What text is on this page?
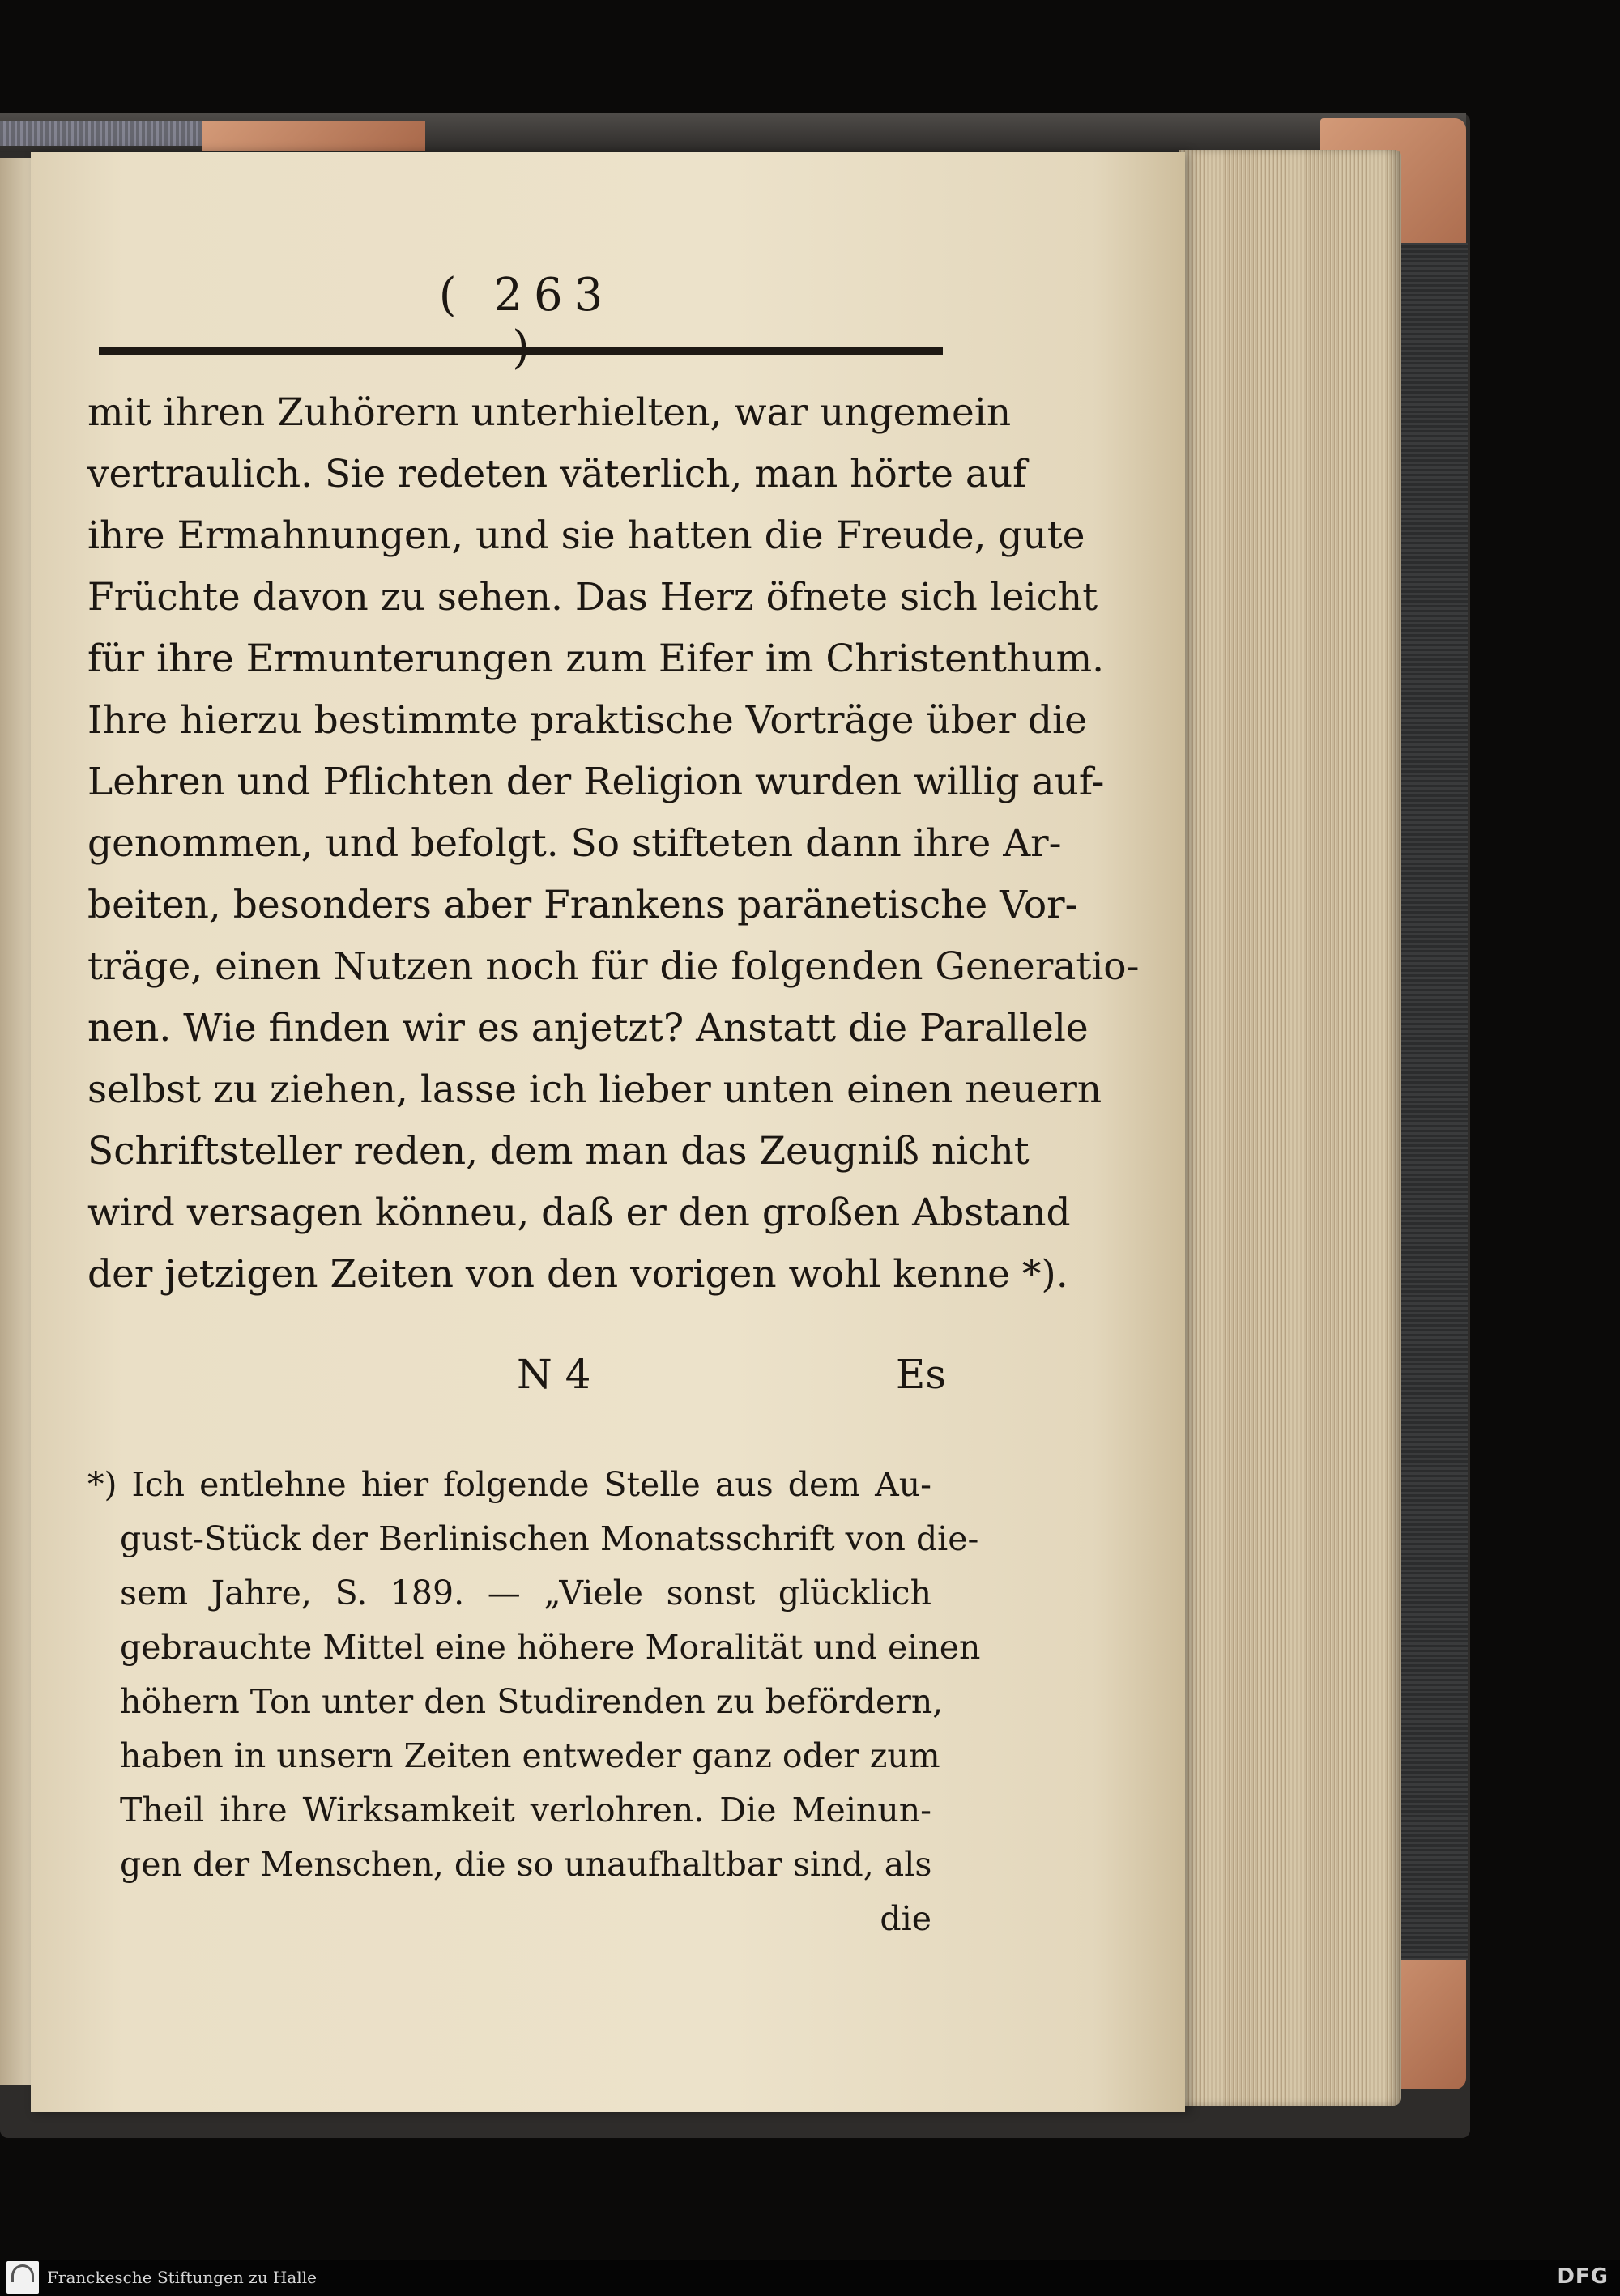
( 263
mit ihren Zuhörern unterhielten, war ungemein
vertraulich. Sie redeten väterlich, man hörte auf
ihre Ermahnungen, und sie hatten die Freude, gute
Früchte davon zu sehen. Das Herz öfnete sich leicht
für ihre Ermunterungen zum Eifer im Christenthum.
Ihre hierzu bestimmte praktische Vorträge über die
Lehren und Pflichten der Religion wurden willig auf-
genommen, und befolgt. So stifteten dann ihre Ar-
beiten, besonders aber Frankens paränetische Vor-
träge, einen Nutzen noch für die folgenden Generatio-
nen. Wie finden wir es anjetzt? Anstatt die Parallele
selbst zu ziehen, lasse ich lieber unten einen neuern
Schriftsteller reden, dem man das Zeugniß nicht
wird versagen könneu, daß er den großen Abstand
der jetzigen Zeiten von den vorigen wohl kenne *).
N 4	Es
*) Ich entlehne hier folgende Stelle aus dem Au-
gust-Stück der Berlinischen Monatsschrift von die-
sem Jahre, S. 189. — „Viele sonst glücklich
gebrauchte Mittel eine höhere Moralität und einen
höhern Ton unter den Studirenden zu befördern,
haben in unsern Zeiten entweder ganz oder zum
Theil ihre Wirksamkeit verlohren. Die Meinun-
gen der Menschen, die so unaufhaltbar sind, als
die
Franckesche Stiftungen zu Halle	DFG
